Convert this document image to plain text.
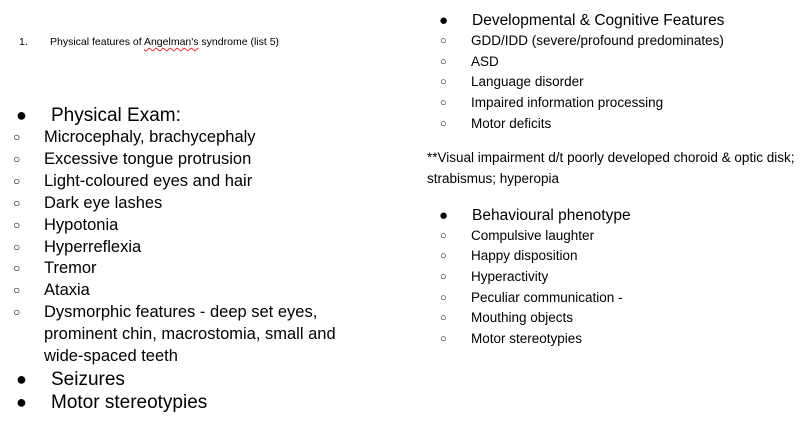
1. Physical features of Angelman's syndrome (list 5)
● Physical Exam:
○ Microcephaly, brachycephaly
○ Excessive tongue protrusion
○ Light-coloured eyes and hair
○ Dark eye lashes
○ Hypotonia
○ Hyperreflexia
○ Tremor
○ Ataxia
○ Dysmorphic features - deep set eyes, prominent chin, macrostomia, small and wide-spaced teeth
● Seizures
● Motor stereotypies
● Developmental & Cognitive Features
○ GDD/IDD (severe/profound predominates)
○ ASD
○ Language disorder
○ Impaired information processing
○ Motor deficits

**Visual impairment d/t poorly developed choroid & optic disk; strabismus; hyperopia

● Behavioural phenotype
○ Compulsive laughter
○ Happy disposition
○ Hyperactivity
○ Peculiar communication -
○ Mouthing objects
○ Motor stereotypies
